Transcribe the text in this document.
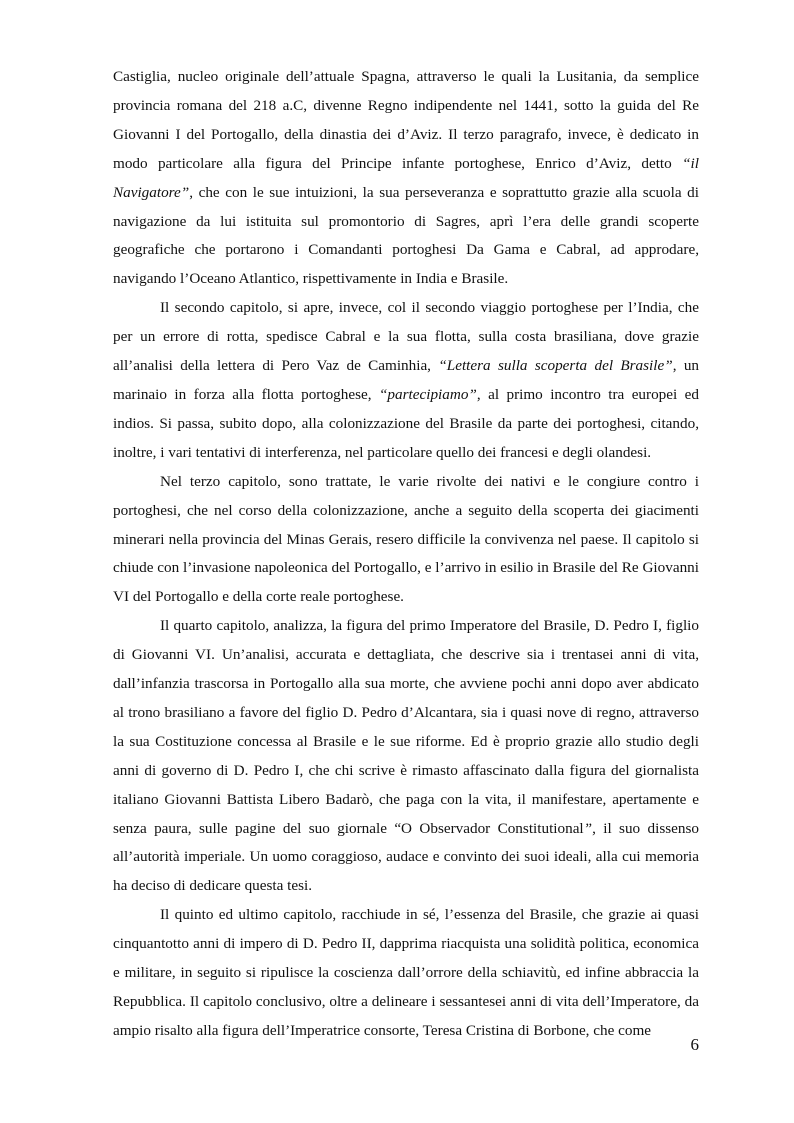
Castiglia, nucleo originale dell’attuale Spagna, attraverso le quali la Lusitania, da semplice provincia romana del 218 a.C, divenne Regno indipendente nel 1441, sotto la guida del Re Giovanni I del Portogallo, della dinastia dei d’Aviz. Il terzo paragrafo, invece, è dedicato in modo particolare alla figura del Principe infante portoghese, Enrico d’Aviz, detto “il Navigatore”, che con le sue intuizioni, la sua perseveranza e soprattutto grazie alla scuola di navigazione da lui istituita sul promontorio di Sagres, aprì l’era delle grandi scoperte geografiche che portarono i Comandanti portoghesi Da Gama e Cabral, ad approdare, navigando l’Oceano Atlantico, rispettivamente in India e Brasile.

Il secondo capitolo, si apre, invece, col il secondo viaggio portoghese per l’India, che per un errore di rotta, spedisce Cabral e la sua flotta, sulla costa brasiliana, dove grazie all’analisi della lettera di Pero Vaz de Caminhia, “Lettera sulla scoperta del Brasile”, un marinaio in forza alla flotta portoghese, “partecipiamo”, al primo incontro tra europei ed indios. Si passa, subito dopo, alla colonizzazione del Brasile da parte dei portoghesi, citando, inoltre, i vari tentativi di interferenza, nel particolare quello dei francesi e degli olandesi.

Nel terzo capitolo, sono trattate, le varie rivolte dei nativi e le congiure contro i portoghesi, che nel corso della colonizzazione, anche a seguito della scoperta dei giacimenti minerari nella provincia del Minas Gerais, resero difficile la convivenza nel paese. Il capitolo si chiude con l’invasione napoleonica del Portogallo, e l’arrivo in esilio in Brasile del Re Giovanni VI del Portogallo e della corte reale portoghese.

Il quarto capitolo, analizza, la figura del primo Imperatore del Brasile, D. Pedro I, figlio di Giovanni VI. Un’analisi, accurata e dettagliata, che descrive sia i trentasei anni di vita, dall’infanzia trascorsa in Portogallo alla sua morte, che avviene pochi anni dopo aver abdicato al trono brasiliano a favore del figlio D. Pedro d’Alcantara, sia i quasi nove di regno, attraverso la sua Costituzione concessa al Brasile e le sue riforme. Ed è proprio grazie allo studio degli anni di governo di D. Pedro I, che chi scrive è rimasto affascinato dalla figura del giornalista italiano Giovanni Battista Libero Badarò, che paga con la vita, il manifestare, apertamente e senza paura, sulle pagine del suo giornale “O Observador Constitutional”, il suo dissenso all’autorità imperiale. Un uomo coraggioso, audace e convinto dei suoi ideali, alla cui memoria ha deciso di dedicare questa tesi.

Il quinto ed ultimo capitolo, racchiude in sé, l’essenza del Brasile, che grazie ai quasi cinquantotto anni di impero di D. Pedro II, dapprima riacquista una solidità politica, economica e militare, in seguito si ripulisce la coscienza dall’orrore della schiavitù, ed infine abbraccia la Repubblica. Il capitolo conclusivo, oltre a delineare i sessantesei anni di vita dell’Imperatore, da ampio risalto alla figura dell’Imperatrice consorte, Teresa Cristina di Borbone, che come

6
